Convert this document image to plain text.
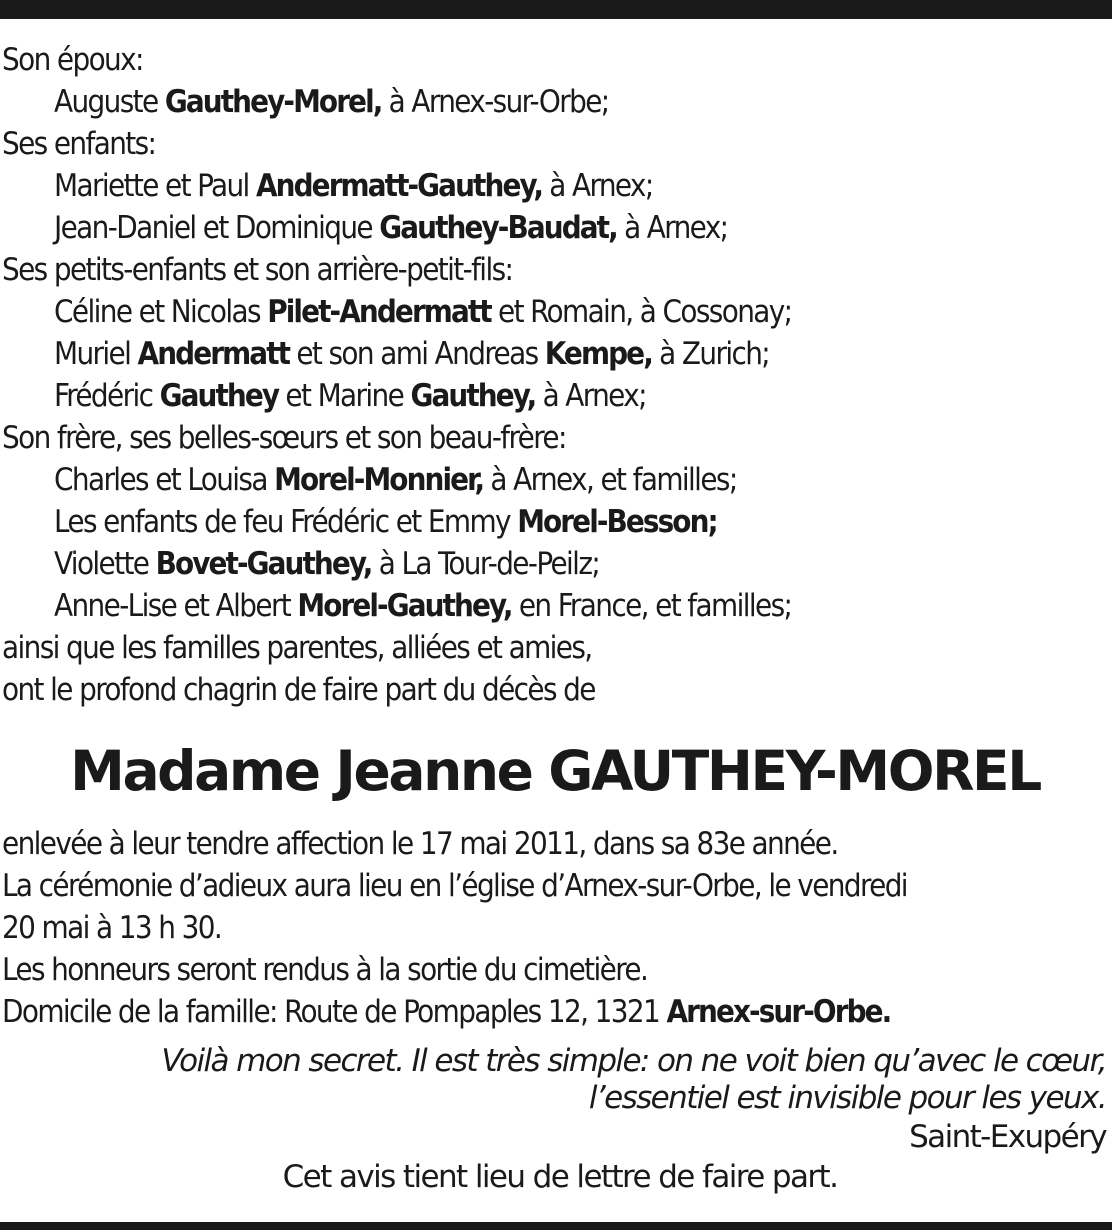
Son époux:
Auguste Gauthey-Morel, à Arnex-sur-Orbe;
Ses enfants:
Mariette et Paul Andermatt-Gauthey, à Arnex;
Jean-Daniel et Dominique Gauthey-Baudat, à Arnex;
Ses petits-enfants et son arrière-petit-fils:
Céline et Nicolas Pilet-Andermatt et Romain, à Cossonay;
Muriel Andermatt et son ami Andreas Kempe, à Zurich;
Frédéric Gauthey et Marine Gauthey, à Arnex;
Son frère, ses belles-sœurs et son beau-frère:
Charles et Louisa Morel-Monnier, à Arnex, et familles;
Les enfants de feu Frédéric et Emmy Morel-Besson;
Violette Bovet-Gauthey, à La Tour-de-Peilz;
Anne-Lise et Albert Morel-Gauthey, en France, et familles;
ainsi que les familles parentes, alliées et amies,
ont le profond chagrin de faire part du décès de
Madame Jeanne GAUTHEY-MOREL
enlevée à leur tendre affection le 17 mai 2011, dans sa 83e année.
La cérémonie d’adieux aura lieu en l’église d’Arnex-sur-Orbe, le vendredi
20 mai à 13 h 30.
Les honneurs seront rendus à la sortie du cimetière.
Domicile de la famille: Route de Pompaples 12, 1321 Arnex-sur-Orbe.
Voilà mon secret. Il est très simple: on ne voit bien qu’avec le cœur,
l’essentiel est invisible pour les yeux.
Saint-Exupéry
Cet avis tient lieu de lettre de faire part.
